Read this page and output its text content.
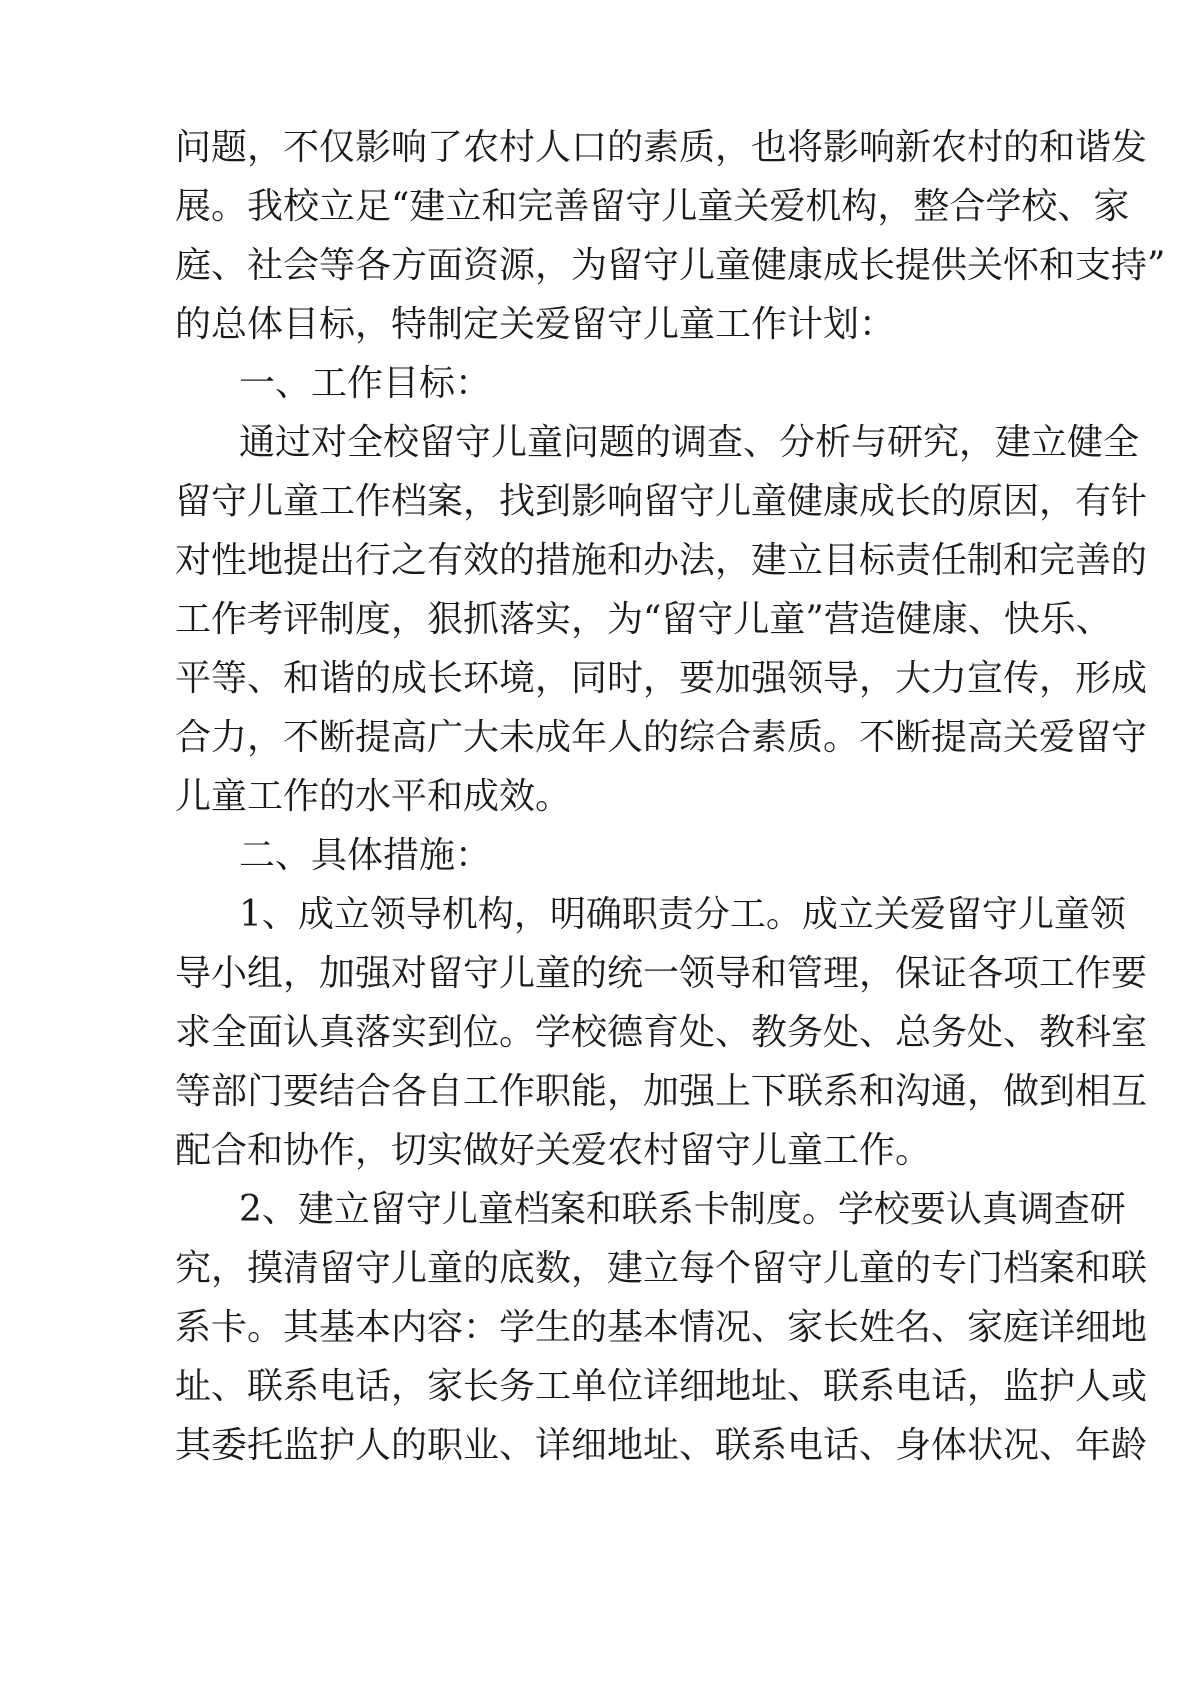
问题，不仅影响了农村人口的素质，也将影响新农村的和谐发
展。我校立足“建立和完善留守儿童关爱机构，整合学校、家
庭、社会等各方面资源，为留守儿童健康成长提供关怀和支持”
的总体目标，特制定关爱留守儿童工作计划：
一、工作目标：
通过对全校留守儿童问题的调查、分析与研究，建立健全
留守儿童工作档案，找到影响留守儿童健康成长的原因，有针
对性地提出行之有效的措施和办法，建立目标责任制和完善的
工作考评制度，狠抓落实，为“留守儿童”营造健康、快乐、
平等、和谐的成长环境，同时，要加强领导，大力宣传，形成
合力，不断提高广大未成年人的综合素质。不断提高关爱留守
儿童工作的水平和成效。
二、具体措施：
1、成立领导机构，明确职责分工。成立关爱留守儿童领
导小组，加强对留守儿童的统一领导和管理，保证各项工作要
求全面认真落实到位。学校德育处、教务处、总务处、教科室
等部门要结合各自工作职能，加强上下联系和沟通，做到相互
配合和协作，切实做好关爱农村留守儿童工作。
2、建立留守儿童档案和联系卡制度。学校要认真调查研
究，摸清留守儿童的底数，建立每个留守儿童的专门档案和联
系卡。其基本内容：学生的基本情况、家长姓名、家庭详细地
址、联系电话，家长务工单位详细地址、联系电话，监护人或
其委托监护人的职业、详细地址、联系电话、身体状况、年龄
